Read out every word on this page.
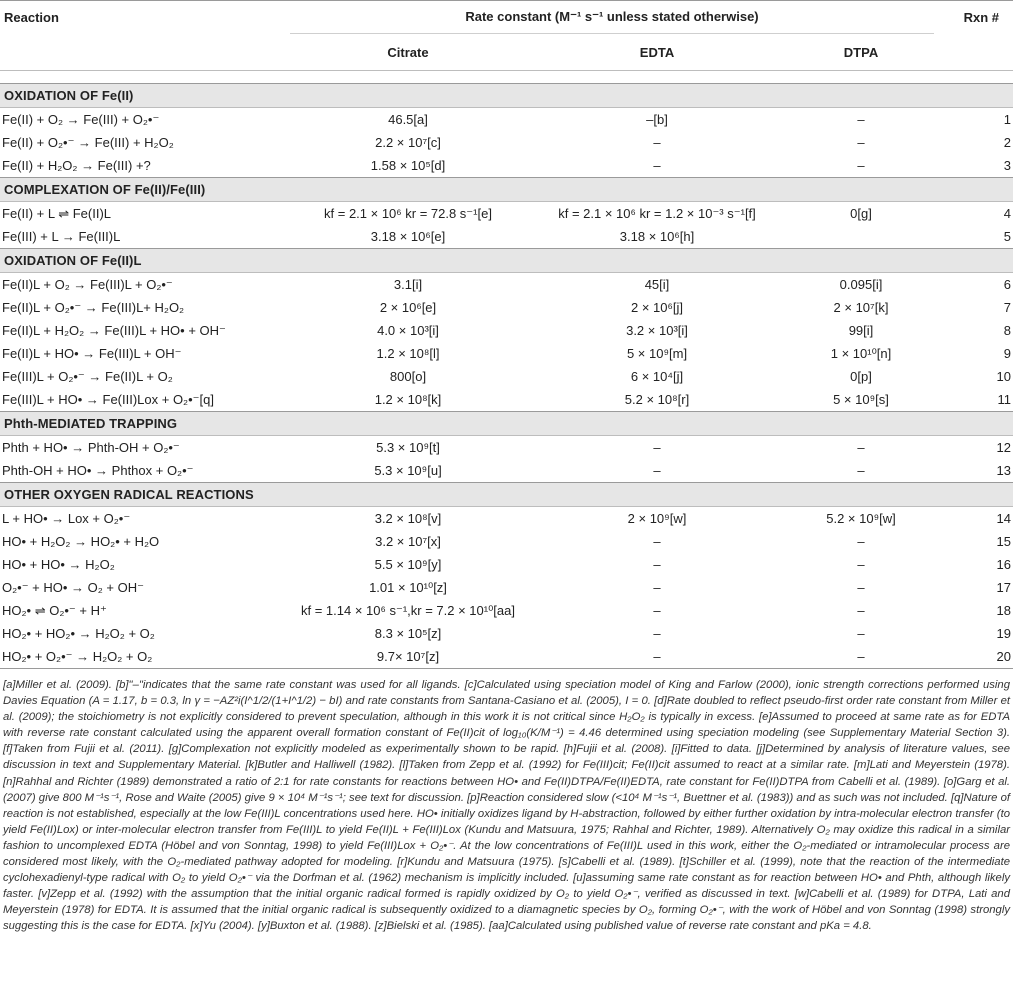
Reaction	Rate constant (M⁻¹ s⁻¹ unless stated otherwise)			Rxn #
	Citrate	EDTA	DTPA	

OXIDATION OF Fe(II)				
Fe(II) + O₂ → Fe(III) + O₂•⁻	46.5[a]	–[b]	–	1
Fe(II) + O₂•⁻ → Fe(III) + H₂O₂	2.2 × 10⁷[c]	–	–	2
Fe(II) + H₂O₂ → Fe(III) +?	1.58 × 10⁵[d]	–	–	3
COMPLEXATION OF Fe(II)/Fe(III)				
Fe(II) + L ⇌ Fe(II)L	kf = 2.1 × 10⁶ kr = 72.8 s⁻¹[e]	kf = 2.1 × 10⁶ kr = 1.2 × 10⁻³ s⁻¹[f]	0[g]	4
Fe(III) + L → Fe(III)L	3.18 × 10⁶[e]	3.18 × 10⁶[h]		5
OXIDATION OF Fe(II)L				
Fe(II)L + O₂ → Fe(III)L + O₂•⁻	3.1[i]	45[i]	0.095[i]	6
Fe(II)L + O₂•⁻ → Fe(III)L+ H₂O₂	2 × 10⁶[e]	2 × 10⁶[j]	2 × 10⁷[k]	7
Fe(II)L + H₂O₂ → Fe(III)L + HO• + OH⁻	4.0 × 10³[i]	3.2 × 10³[i]	99[i]	8
Fe(II)L + HO• → Fe(III)L + OH⁻	1.2 × 10⁸[l]	5 × 10⁹[m]	1 × 10¹⁰[n]	9
Fe(III)L + O₂•⁻ → Fe(II)L + O₂	800[o]	6 × 10⁴[j]	0[p]	10
Fe(III)L + HO• → Fe(III)Lox + O₂•⁻[q]	1.2 × 10⁸[k]	5.2 × 10⁸[r]	5 × 10⁹[s]	11
Phth-MEDIATED TRAPPING				
Phth + HO• → Phth-OH + O₂•⁻	5.3 × 10⁹[t]	–	–	12
Phth-OH + HO• → Phthox + O₂•⁻	5.3 × 10⁹[u]	–	–	13
OTHER OXYGEN RADICAL REACTIONS				
L + HO• → Lox + O₂•⁻	3.2 × 10⁸[v]	2 × 10⁹[w]	5.2 × 10⁹[w]	14
HO• + H₂O₂ → HO₂• + H₂O	3.2 × 10⁷[x]	–	–	15
HO• + HO• → H₂O₂	5.5 × 10⁹[y]	–	–	16
O₂•⁻ + HO• → O₂ + OH⁻	1.01 × 10¹⁰[z]	–	–	17
HO₂• ⇌ O₂•⁻ + H⁺	kf = 1.14 × 10⁶ s⁻¹,kr = 7.2 × 10¹⁰[aa]	–	–	18
HO₂• + HO₂• → H₂O₂ + O₂	8.3 × 10⁵[z]	–	–	19
HO₂• + O₂•⁻ → H₂O₂ + O₂	9.7× 10⁷[z]	–	–	20
[a]Miller et al. (2009). [b]"–"indicates that the same rate constant was used for all ligands. [c]Calculated using speciation model of King and Farlow (2000), ionic strength corrections performed using Davies Equation (A = 1.17, b = 0.3, ln γ = −AZ²i(I^1/2/(1+I^1/2) − bI) and rate constants from Santana-Casiano et al. (2005), I = 0. [d]Rate doubled to reflect pseudo-first order rate constant from Miller et al. (2009); the stoichiometry is not explicitly considered to prevent speculation, although in this work it is not critical since H₂O₂ is typically in excess. [e]Assumed to proceed at same rate as for EDTA with reverse rate constant calculated using the apparent overall formation constant of Fe(II)cit of log₁₀(K/M⁻¹) = 4.46 determined using speciation modeling (see Supplementary Material Section 3). [f]Taken from Fujii et al. (2011). [g]Complexation not explicitly modeled as experimentally shown to be rapid. [h]Fujii et al. (2008). [i]Fitted to data. [j]Determined by analysis of literature values, see discussion in text and Supplementary Material. [k]Butler and Halliwell (1982). [l]Taken from Zepp et al. (1992) for Fe(III)cit; Fe(II)cit assumed to react at a similar rate. [m]Lati and Meyerstein (1978). [n]Rahhal and Richter (1989) demonstrated a ratio of 2:1 for rate constants for reactions between HO• and Fe(II)DTPA/Fe(II)EDTA, rate constant for Fe(II)DTPA from Cabelli et al. (1989). [o]Garg et al. (2007) give 800 M⁻¹s⁻¹, Rose and Waite (2005) give 9 × 10⁴ M⁻¹s⁻¹; see text for discussion. [p]Reaction considered slow (<10⁴ M⁻¹s⁻¹, Buettner et al. (1983)) and as such was not included. [q]Nature of reaction is not established, especially at the low Fe(III)L concentrations used here. HO• initially oxidizes ligand by H-abstraction, followed by either further oxidation by intra-molecular electron transfer (to yield Fe(II)Lox) or inter-molecular electron transfer from Fe(III)L to yield Fe(II)L + Fe(III)Lox (Kundu and Matsuura, 1975; Rahhal and Richter, 1989). Alternatively O₂ may oxidize this radical in a similar fashion to uncomplexed EDTA (Höbel and von Sonntag, 1998) to yield Fe(III)Lox + O₂•⁻. At the low concentrations of Fe(III)L used in this work, either the O₂-mediated or intramolecular process are considered most likely, with the O₂-mediated pathway adopted for modeling. [r]Kundu and Matsuura (1975). [s]Cabelli et al. (1989). [t]Schiller et al. (1999), note that the reaction of the intermediate cyclohexadienyl-type radical with O₂ to yield O₂•⁻ via the Dorfman et al. (1962) mechanism is implicitly included. [u]assuming same rate constant as for reaction between HO• and Phth, although likely faster. [v]Zepp et al. (1992) with the assumption that the initial organic radical formed is rapidly oxidized by O₂ to yield O₂•⁻, verified as discussed in text. [w]Cabelli et al. (1989) for DTPA, Lati and Meyerstein (1978) for EDTA. It is assumed that the initial organic radical is subsequently oxidized to a diamagnetic species by O₂, forming O₂•⁻, with the work of Höbel and von Sonntag (1998) strongly suggesting this is the case for EDTA. [x]Yu (2004). [y]Buxton et al. (1988). [z]Bielski et al. (1985). [aa]Calculated using published value of reverse rate constant and pKa = 4.8.
